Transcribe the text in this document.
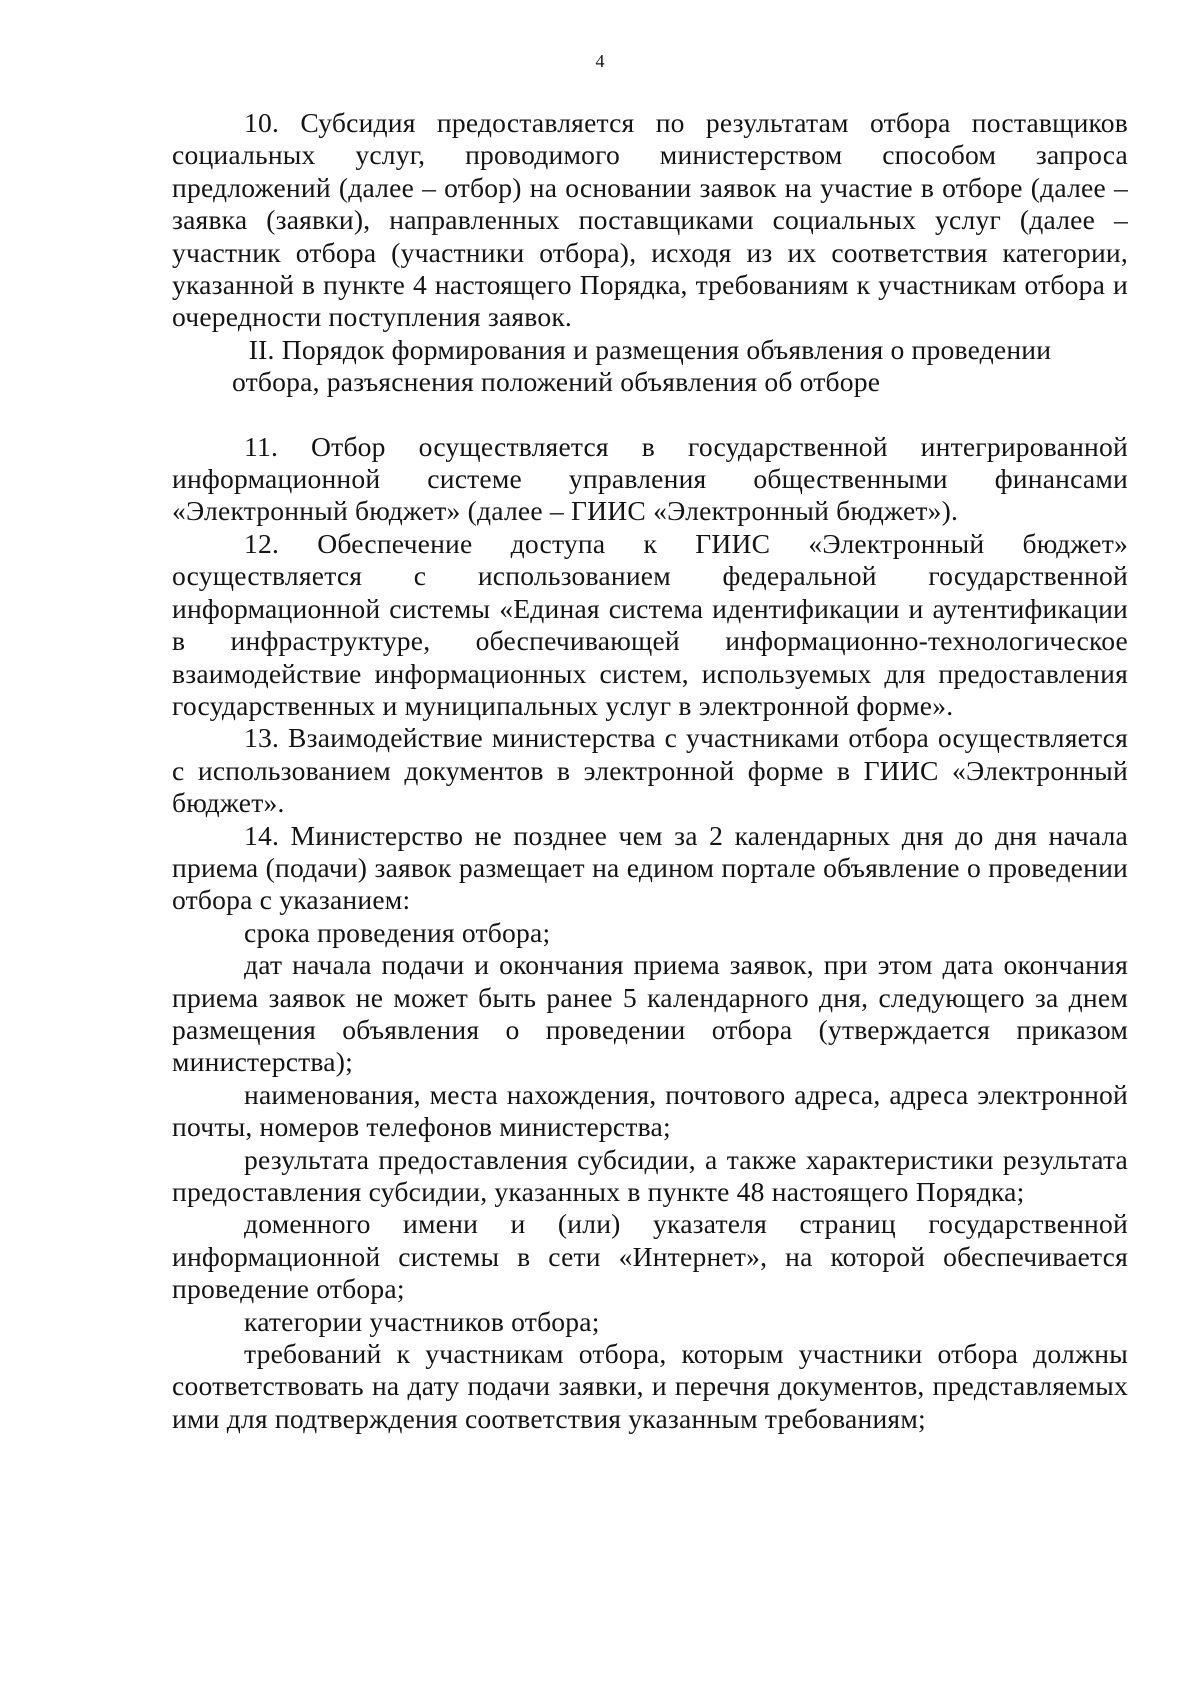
4

10. Субсидия предоставляется по результатам отбора поставщиков социальных услуг, проводимого министерством способом запроса предложений (далее – отбор) на основании заявок на участие в отборе (далее – заявка (заявки), направленных поставщиками социальных услуг (далее – участник отбора (участники отбора), исходя из их соответствия категории, указанной в пункте 4 настоящего Порядка, требованиям к участникам отбора и очередности поступления заявок.

II. Порядок формирования и размещения объявления о проведении отбора, разъяснения положений объявления об отборе

11. Отбор осуществляется в государственной интегрированной информационной системе управления общественными финансами «Электронный бюджет» (далее – ГИИС «Электронный бюджет»).

12. Обеспечение доступа к ГИИС «Электронный бюджет» осуществляется с использованием федеральной государственной информационной системы «Единая система идентификации и аутентификации в инфраструктуре, обеспечивающей информационно-технологическое взаимодействие информационных систем, используемых для предоставления государственных и муниципальных услуг в электронной форме».

13. Взаимодействие министерства с участниками отбора осуществляется с использованием документов в электронной форме в ГИИС «Электронный бюджет».

14. Министерство не позднее чем за 2 календарных дня до дня начала приема (подачи) заявок размещает на едином портале объявление о проведении отбора с указанием:

срока проведения отбора;

дат начала подачи и окончания приема заявок, при этом дата окончания приема заявок не может быть ранее 5 календарного дня, следующего за днем размещения объявления о проведении отбора (утверждается приказом министерства);

наименования, места нахождения, почтового адреса, адреса электронной почты, номеров телефонов министерства;

результата предоставления субсидии, а также характеристики результата предоставления субсидии, указанных в пункте 48 настоящего Порядка;

доменного имени и (или) указателя страниц государственной информационной системы в сети «Интернет», на которой обеспечивается проведение отбора;

категории участников отбора;

требований к участникам отбора, которым участники отбора должны соответствовать на дату подачи заявки, и перечня документов, представляемых ими для подтверждения соответствия указанным требованиям;
